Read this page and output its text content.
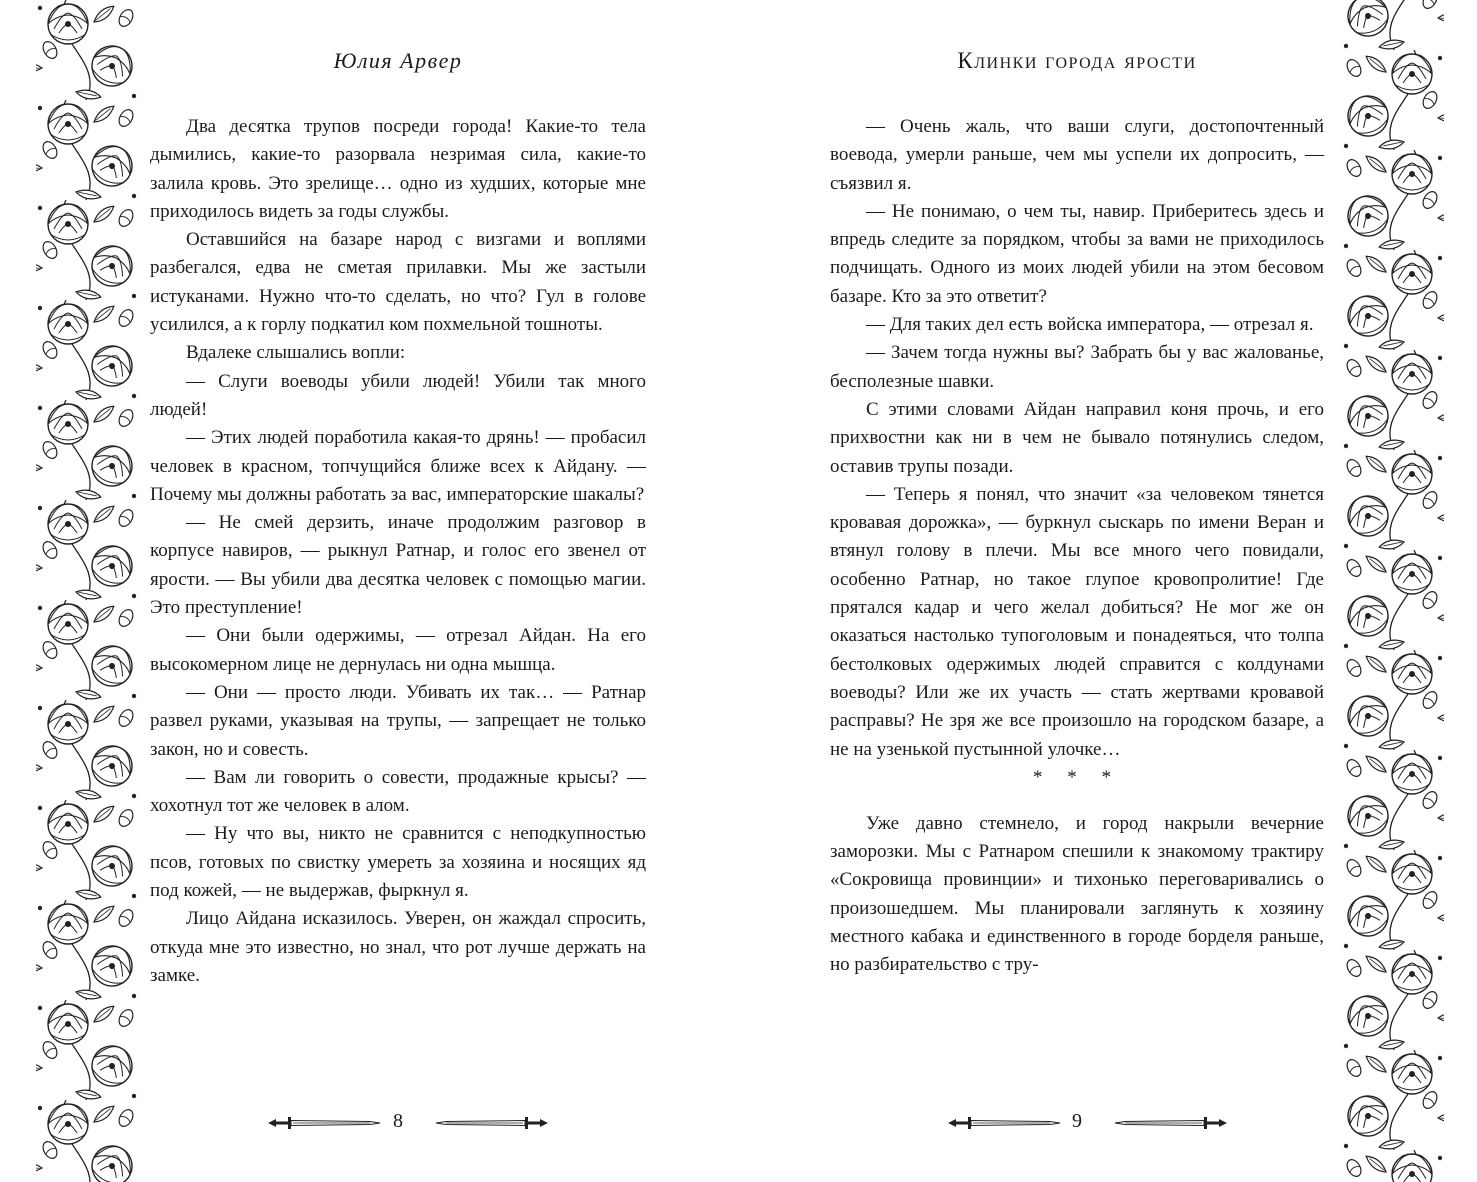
Юлия Арвер

Два десятка трупов посреди города! Какие-то тела дымились, какие-то разорвала незримая сила, какие-то залила кровь. Это зрелище… одно из худших, которые мне приходилось видеть за годы службы.

Оставшийся на базаре народ с визгами и воплями разбегался, едва не сметая прилавки. Мы же застыли истуканами. Нужно что-то сделать, но что? Гул в голове усилился, а к горлу подкатил ком похмельной тошноты.

Вдалеке слышались вопли:

— Слуги воеводы убили людей! Убили так много людей!

— Этих людей поработила какая-то дрянь! — пробасил человек в красном, топчущийся ближе всех к Айдану. — Почему мы должны работать за вас, императорские шакалы?

— Не смей дерзить, иначе продолжим разговор в корпусе навиров, — рыкнул Ратнар, и голос его звенел от ярости. — Вы убили два десятка человек с помощью магии. Это преступление!

— Они были одержимы, — отрезал Айдан. На его высокомерном лице не дернулась ни одна мышца.

— Они — просто люди. Убивать их так… — Ратнар развел руками, указывая на трупы, — запрещает не только закон, но и совесть.

— Вам ли говорить о совести, продажные крысы? — хохотнул тот же человек в алом.

— Ну что вы, никто не сравнится с неподкупностью псов, готовых по свистку умереть за хозяина и носящих яд под кожей, — не выдержав, фыркнул я.

Лицо Айдана исказилось. Уверен, он жаждал спросить, откуда мне это известно, но знал, что рот лучше держать на замке.

8
Клинки города ярости

— Очень жаль, что ваши слуги, достопочтенный воевода, умерли раньше, чем мы успели их допросить, — съязвил я.

— Не понимаю, о чем ты, навир. Приберитесь здесь и впредь следите за порядком, чтобы за вами не приходилось подчищать. Одного из моих людей убили на этом бесовом базаре. Кто за это ответит?

— Для таких дел есть войска императора, — отрезал я.

— Зачем тогда нужны вы? Забрать бы у вас жалованье, бесполезные шавки.

С этими словами Айдан направил коня прочь, и его прихвостни как ни в чем не бывало потянулись следом, оставив трупы позади.

— Теперь я понял, что значит «за человеком тянется кровавая дорожка», — буркнул сыскарь по имени Веран и втянул голову в плечи. Мы все много чего повидали, особенно Ратнар, но такое глупое кровопролитие! Где прятался кадар и чего желал добиться? Не мог же он оказаться настолько тупоголовым и понадеяться, что толпа бестолковых одержимых людей справится с колдунами воеводы? Или же их участь — стать жертвами кровавой расправы? Не зря же все произошло на городском базаре, а не на узенькой пустынной улочке…

* * *

Уже давно стемнело, и город накрыли вечерние заморозки. Мы с Ратнаром спешили к знакомому трактиру «Сокровища провинции» и тихонько переговаривались о произошедшем. Мы планировали заглянуть к хозяину местного кабака и единственного в городе борделя раньше, но разбирательство с тру-

9
